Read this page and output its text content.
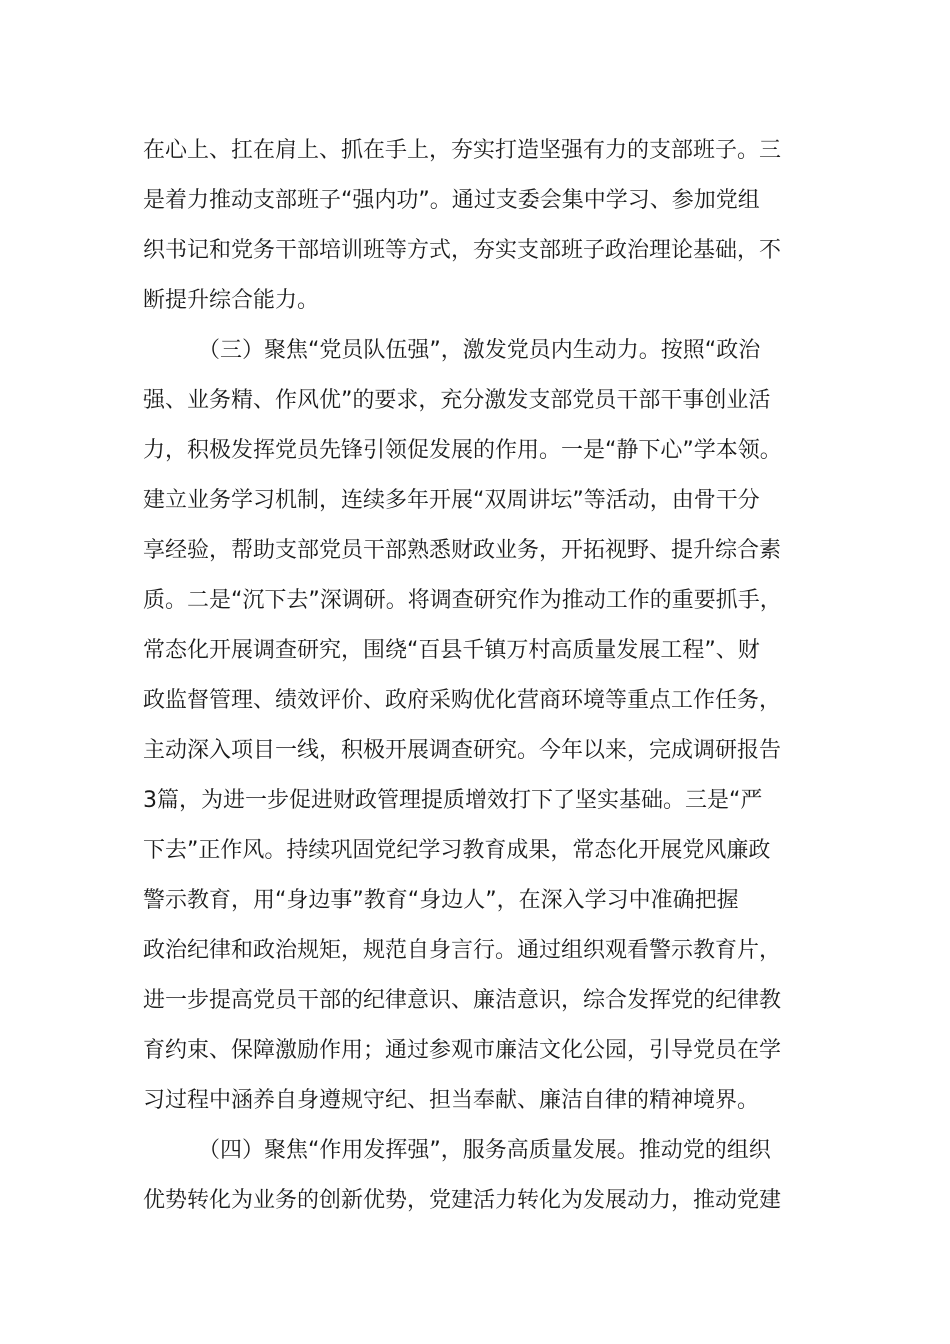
在心上、扛在肩上、抓在手上，夯实打造坚强有力的支部班子。三
是着力推动支部班子“强内功”。通过支委会集中学习、参加党组
织书记和党务干部培训班等方式，夯实支部班子政治理论基础，不
断提升综合能力。
（三）聚焦“党员队伍强”，激发党员内生动力。按照“政治
强、业务精、作风优”的要求，充分激发支部党员干部干事创业活
力，积极发挥党员先锋引领促发展的作用。一是“静下心”学本领。
建立业务学习机制，连续多年开展“双周讲坛”等活动，由骨干分
享经验，帮助支部党员干部熟悉财政业务，开拓视野、提升综合素
质。二是“沉下去”深调研。将调查研究作为推动工作的重要抓手，
常态化开展调查研究，围绕“百县千镇万村高质量发展工程”、财
政监督管理、绩效评价、政府采购优化营商环境等重点工作任务，
主动深入项目一线，积极开展调查研究。今年以来，完成调研报告
3篇，为进一步促进财政管理提质增效打下了坚实基础。三是“严
下去”正作风。持续巩固党纪学习教育成果，常态化开展党风廉政
警示教育，用“身边事”教育“身边人”，在深入学习中准确把握
政治纪律和政治规矩，规范自身言行。通过组织观看警示教育片，
进一步提高党员干部的纪律意识、廉洁意识，综合发挥党的纪律教
育约束、保障激励作用；通过参观市廉洁文化公园，引导党员在学
习过程中涵养自身遵规守纪、担当奉献、廉洁自律的精神境界。
（四）聚焦“作用发挥强”，服务高质量发展。推动党的组织
优势转化为业务的创新优势，党建活力转化为发展动力，推动党建
